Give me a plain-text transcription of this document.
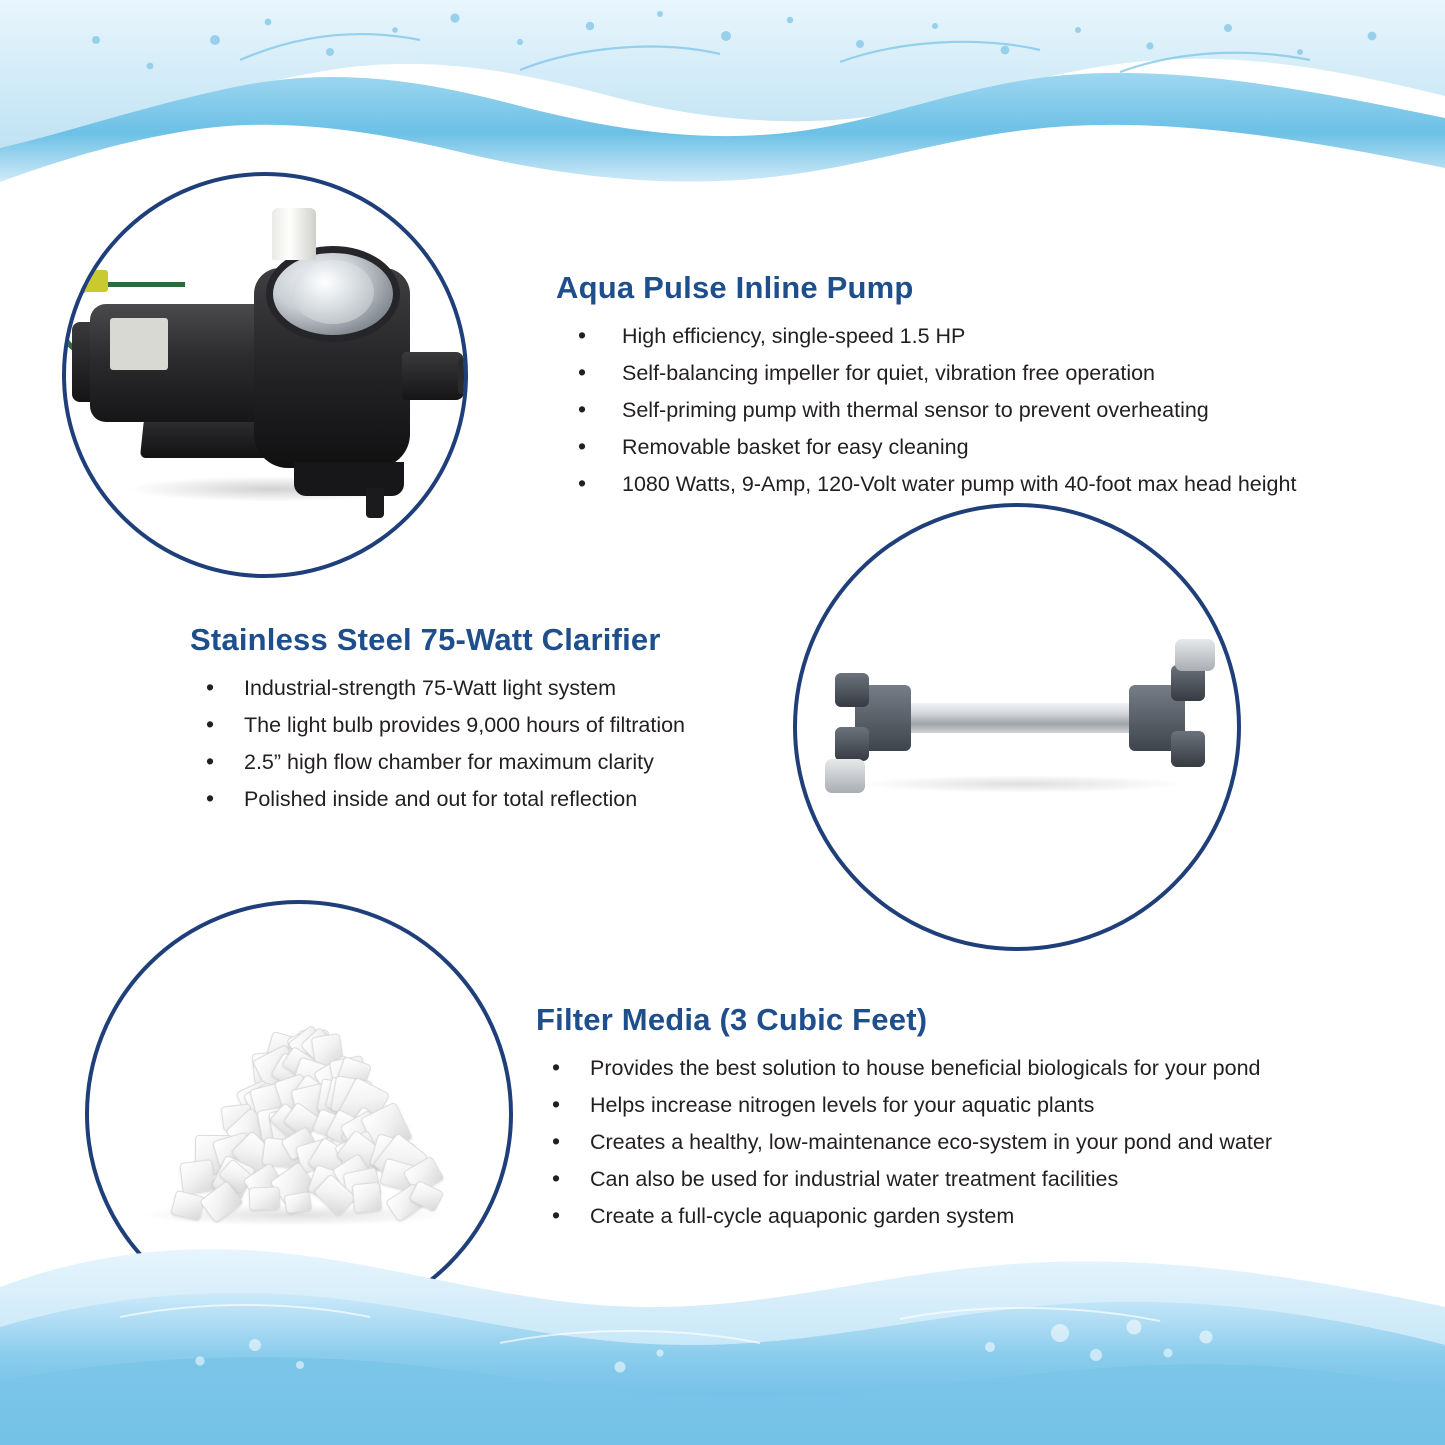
Aqua Pulse Inline Pump
• High efficiency, single-speed 1.5 HP
• Self-balancing impeller for quiet, vibration free operation
• Self-priming pump with thermal sensor to prevent overheating
• Removable basket for easy cleaning
• 1080 Watts, 9-Amp, 120-Volt water pump with 40-foot max head height
Stainless Steel 75-Watt Clarifier
• Industrial-strength 75-Watt light system
• The light bulb provides 9,000 hours of filtration
• 2.5” high flow chamber for maximum clarity
• Polished inside and out for total reflection
Filter Media (3 Cubic Feet)
• Provides the best solution to house beneficial biologicals for your pond
• Helps increase nitrogen levels for your aquatic plants
• Creates a healthy, low-maintenance eco-system in your pond and water
• Can also be used for industrial water treatment facilities
• Create a full-cycle aquaponic garden system
